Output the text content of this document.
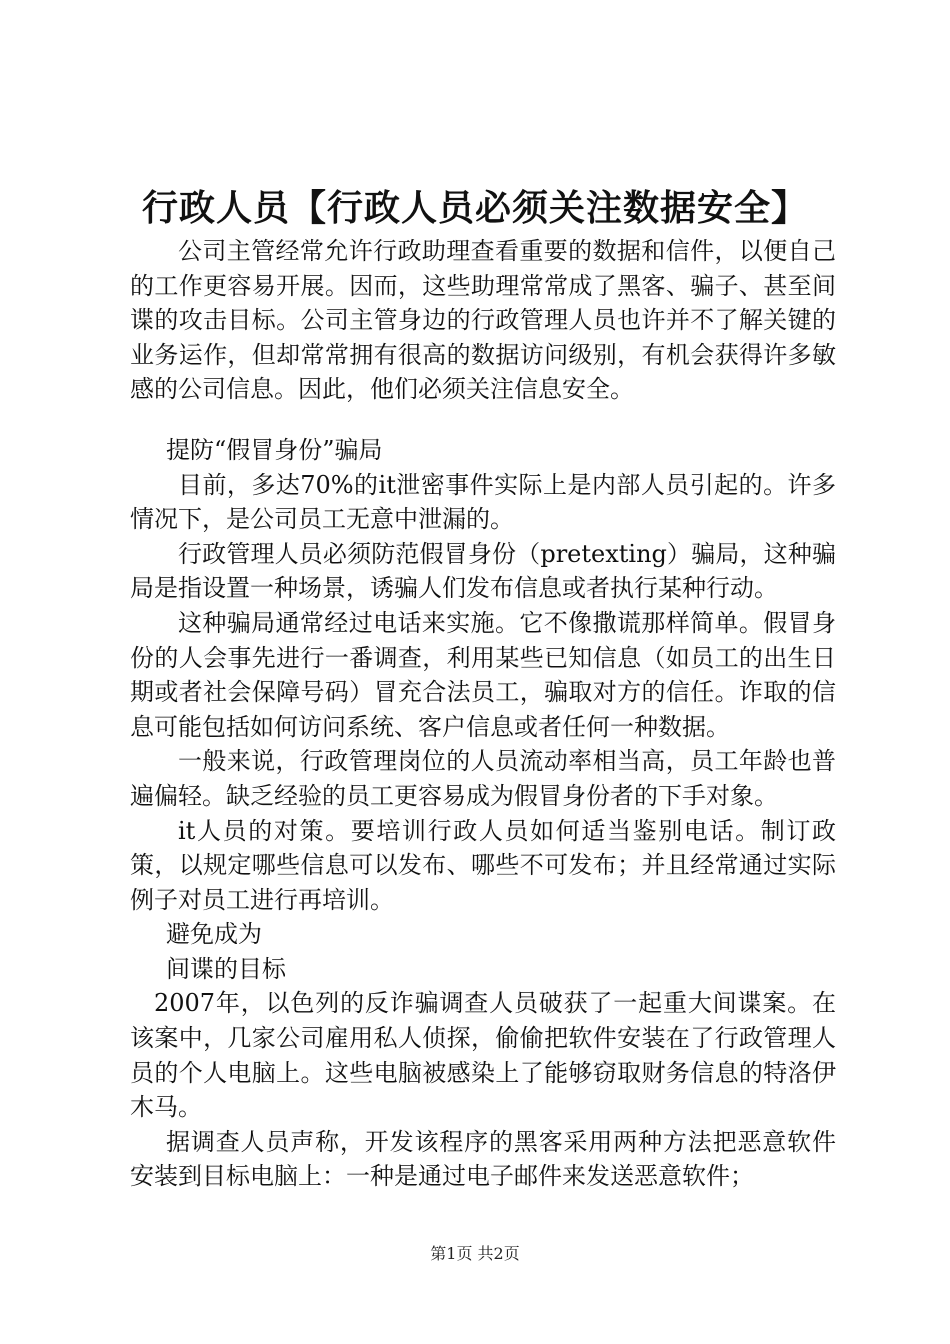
行政人员【行政人员必须关注数据安全】

公司主管经常允许行政助理查看重要的数据和信件，以便自己的工作更容易开展。因而，这些助理常常成了黑客、骗子、甚至间谍的攻击目标。公司主管身边的行政管理人员也许并不了解关键的业务运作，但却常常拥有很高的数据访问级别，有机会获得许多敏感的公司信息。因此，他们必须关注信息安全。

提防“假冒身份”骗局

目前，多达70%的it泄密事件实际上是内部人员引起的。许多情况下，是公司员工无意中泄漏的。

行政管理人员必须防范假冒身份（pretexting）骗局，这种骗局是指设置一种场景，诱骗人们发布信息或者执行某种行动。

这种骗局通常经过电话来实施。它不像撒谎那样简单。假冒身份的人会事先进行一番调查，利用某些已知信息（如员工的出生日期或者社会保障号码）冒充合法员工，骗取对方的信任。诈取的信息可能包括如何访问系统、客户信息或者任何一种数据。

一般来说，行政管理岗位的人员流动率相当高，员工年龄也普遍偏轻。缺乏经验的员工更容易成为假冒身份者的下手对象。

it人员的对策。要培训行政人员如何适当鉴别电话。制订政策，以规定哪些信息可以发布、哪些不可发布；并且经常通过实际例子对员工进行再培训。

避免成为

间谍的目标

2007年，以色列的反诈骗调查人员破获了一起重大间谍案。在该案中，几家公司雇用私人侦探，偷偷把软件安装在了行政管理人员的个人电脑上。这些电脑被感染上了能够窃取财务信息的特洛伊木马。

据调查人员声称，开发该程序的黑客采用两种方法把恶意软件安装到目标电脑上：一种是通过电子邮件来发送恶意软件；

第1页 共2页
